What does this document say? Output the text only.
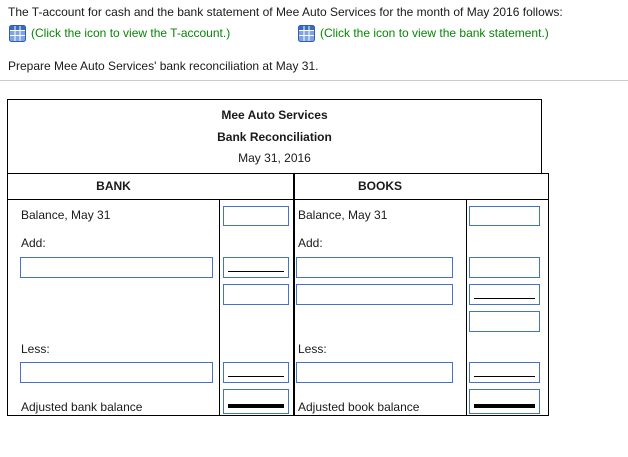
The T-account for cash and the bank statement of Mee Auto Services for the month of May 2016 follows:
(Click the icon to view the T-account.)	(Click the icon to view the bank statement.)
Prepare Mee Auto Services' bank reconciliation at May 31.
Mee Auto Services
Bank Reconciliation
May 31, 2016
BANK	BOOKS
Balance, May 31
Add:
Less:
Adjusted bank balance
Balance, May 31
Add:
Less:
Adjusted book balance
